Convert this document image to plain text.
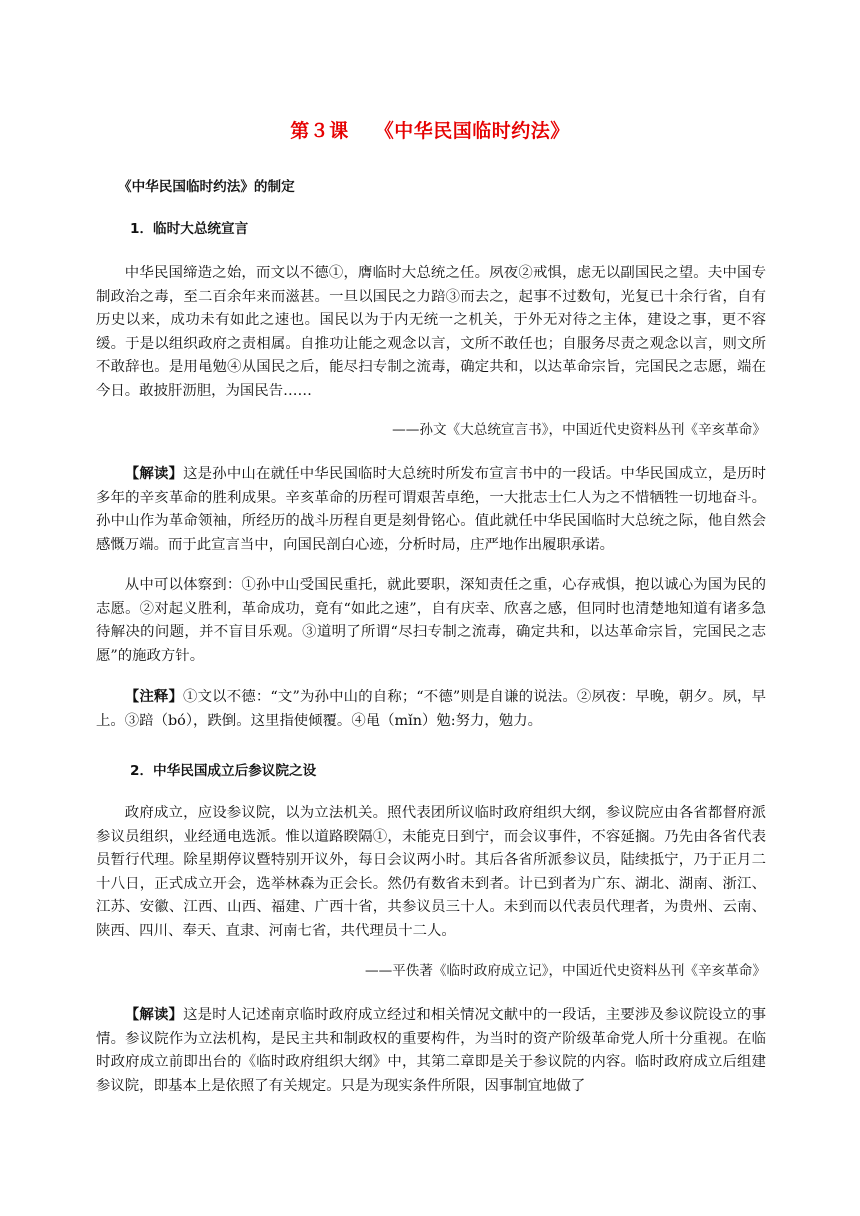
第３课 《中华民国临时约法》
《中华民国临时约法》的制定
1．临时大总统宣言

中华民国缔造之始，而文以不德①，膺临时大总统之任。夙夜②戒惧，虑无以副国民之望。夫中国专制政治之毒，至二百余年来而滋甚。一旦以国民之力踣③而去之，起事不过数旬，光复已十余行省，自有历史以来，成功未有如此之速也。国民以为于内无统一之机关，于外无对待之主体，建设之事，更不容缓。于是以组织政府之责相属。自推功让能之观念以言，文所不敢任也；自服务尽责之观念以言，则文所不敢辞也。是用黾勉④从国民之后，能尽扫专制之流毒，确定共和，以达革命宗旨，完国民之志愿，端在今日。敢披肝沥胆，为国民告……

——孙文《大总统宣言书》，中国近代史资料丛刊《辛亥革命》

【解读】这是孙中山在就任中华民国临时大总统时所发布宣言书中的一段话。中华民国成立，是历时多年的辛亥革命的胜利成果。辛亥革命的历程可谓艰苦卓绝，一大批志士仁人为之不惜牺牲一切地奋斗。孙中山作为革命领袖，所经历的战斗历程自更是刻骨铭心。值此就任中华民国临时大总统之际，他自然会感慨万端。而于此宣言当中，向国民剖白心迹，分析时局，庄严地作出履职承诺。

从中可以体察到：①孙中山受国民重托，就此要职，深知责任之重，心存戒惧，抱以诚心为国为民的志愿。②对起义胜利，革命成功，竟有“如此之速”，自有庆幸、欣喜之感，但同时也清楚地知道有诸多急待解决的问题，并不盲目乐观。③道明了所谓“尽扫专制之流毒，确定共和，以达革命宗旨，完国民之志愿”的施政方针。

【注释】①文以不德：“文”为孙中山的自称；“不德”则是自谦的说法。②夙夜：早晚，朝夕。夙，早上。③踣（bó），跌倒。这里指使倾覆。④黾（mǐn）勉:努力，勉力。

2．中华民国成立后参议院之设

政府成立，应设参议院，以为立法机关。照代表团所议临时政府组织大纲，参议院应由各省都督府派参议员组织，业经通电选派。惟以道路睽隔①，未能克日到宁，而会议事件，不容延搁。乃先由各省代表员暂行代理。除星期停议暨特别开议外，每日会议两小时。其后各省所派参议员，陆续抵宁，乃于正月二十八日，正式成立开会，选举林森为正会长。然仍有数省未到者。计已到者为广东、湖北、湖南、浙江、江苏、安徽、江西、山西、福建、广西十省，共参议员三十人。未到而以代表员代理者，为贵州、云南、陕西、四川、奉天、直隶、河南七省，共代理员十二人。

——平佚著《临时政府成立记》，中国近代史资料丛刊《辛亥革命》

【解读】这是时人记述南京临时政府成立经过和相关情况文献中的一段话，主要涉及参议院设立的事情。参议院作为立法机构，是民主共和制政权的重要构件，为当时的资产阶级革命党人所十分重视。在临时政府成立前即出台的《临时政府组织大纲》中，其第二章即是关于参议院的内容。临时政府成立后组建参议院，即基本上是依照了有关规定。只是为现实条件所限，因事制宜地做了
